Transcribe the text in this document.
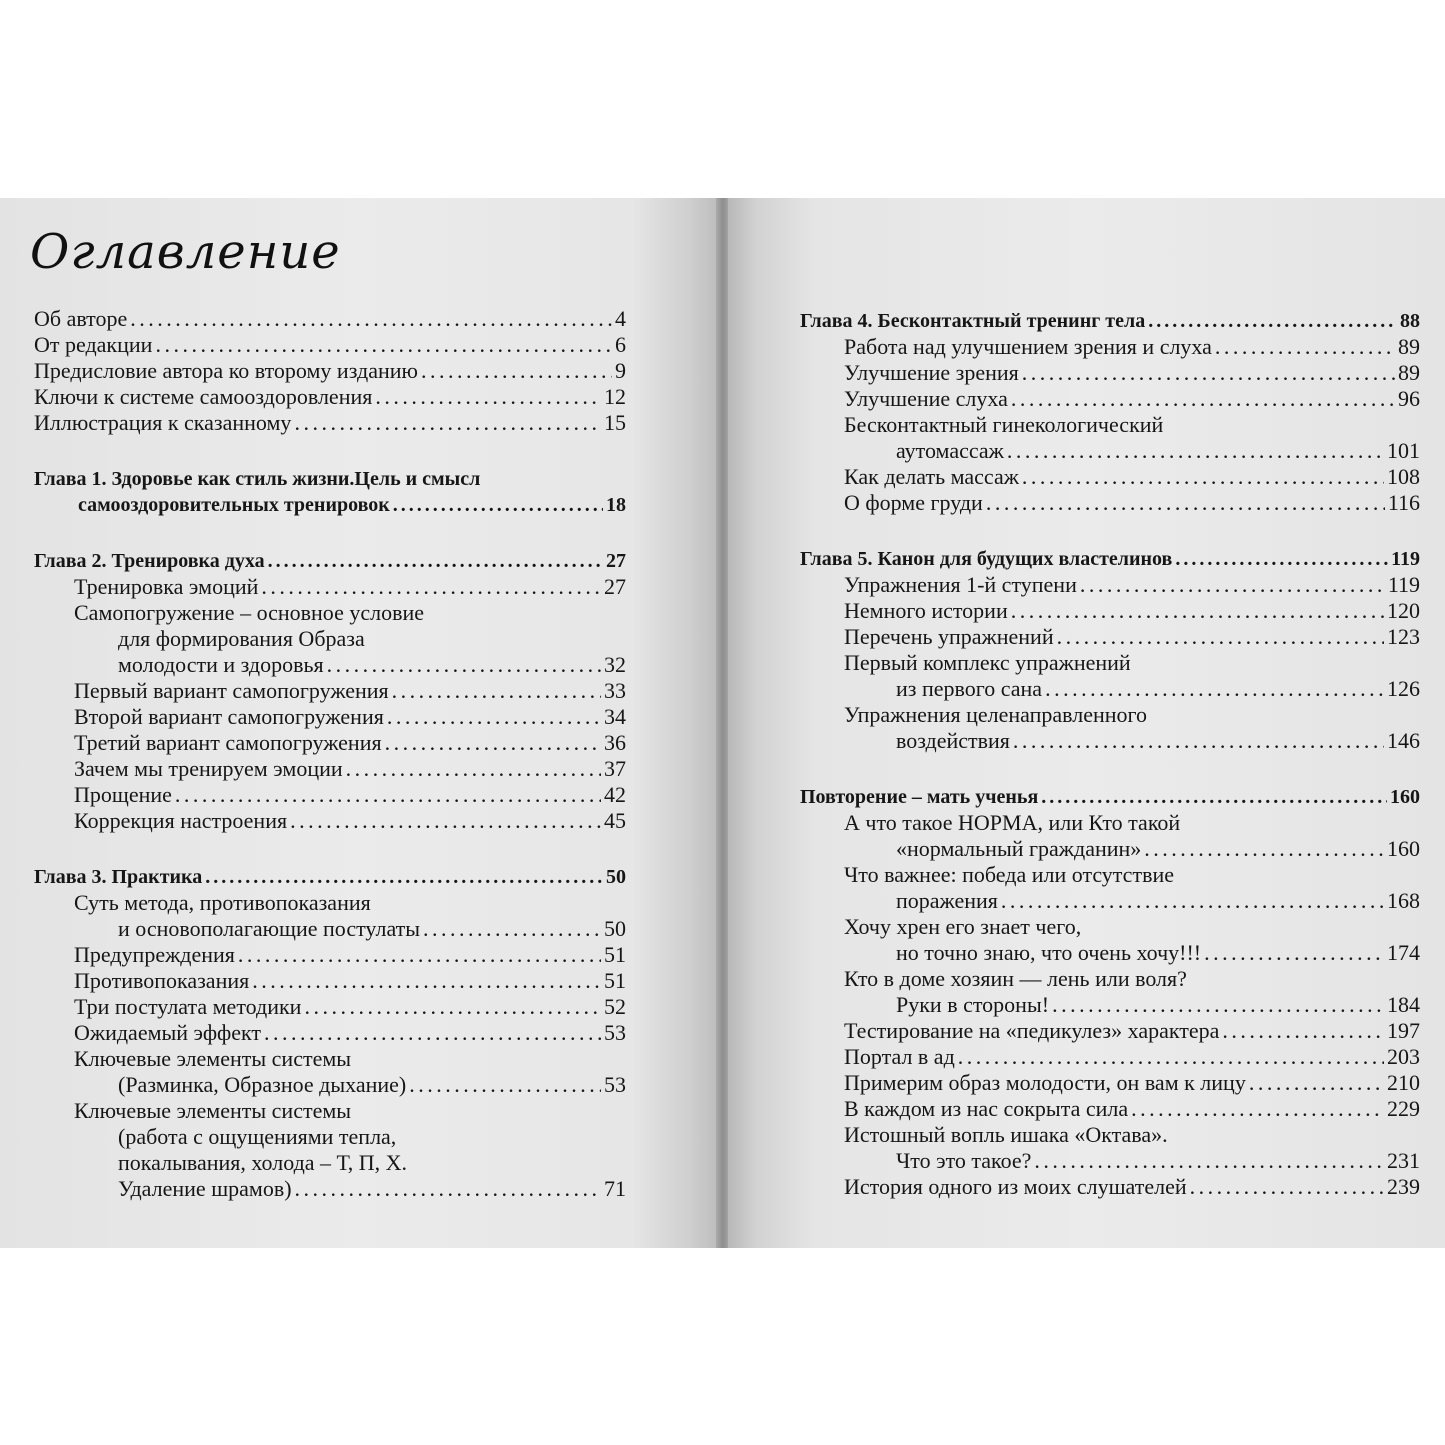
Оглавление
Об авторе . . .	4
От редакции . . .	6
Предисловие автора ко второму изданию . . .	9
Ключи к системе самооздоровления . . .	12
Иллюстрация к сказанному . . .	15
Глава 1. Здоровье как стиль жизни.Цель и смысл
самооздоровительных тренировок . . .	18
Глава 2. Тренировка духа . . .	27
Тренировка эмоций . . .	27
Самопогружение – основное условие
для формирования Образа
молодости и здоровья . . .	32
Первый вариант самопогружения . . .	33
Второй вариант самопогружения . . .	34
Третий вариант самопогружения . . .	36
Зачем мы тренируем эмоции . . .	37
Прощение . . .	42
Коррекция настроения . . .	45
Глава 3. Практика . . .	50
Суть метода, противопоказания
и основополагающие постулаты . . .	50
Предупреждения . . .	51
Противопоказания . . .	51
Три постулата методики . . .	52
Ожидаемый эффект . . .	53
Ключевые элементы системы
(Разминка, Образное дыхание) . . .	53
Ключевые элементы системы
(работа с ощущениями тепла,
покалывания, холода – Т, П, Х.
Удаление шрамов) . . .	71
Глава 4. Бесконтактный тренинг тела . . .	88
Работа над улучшением зрения и слуха . . .	89
Улучшение зрения . . .	89
Улучшение слуха . . .	96
Бесконтактный гинекологический
аутомассаж . . .	101
Как делать массаж . . .	108
О форме груди . . .	116
Глава 5. Канон для будущих властелинов . . .	119
Упражнения 1-й ступени . . .	119
Немного истории . . .	120
Перечень упражнений . . .	123
Первый комплекс упражнений
из первого сана . . .	126
Упражнения целенаправленного
воздействия . . .	146
Повторение – мать ученья . . .	160
А что такое НОРМА, или Кто такой
«нормальный гражданин» . . .	160
Что важнее: победа или отсутствие
поражения . . .	168
Хочу хрен его знает чего,
но точно знаю, что очень хочу!!! . . .	174
Кто в доме хозяин — лень или воля?
Руки в стороны! . . .	184
Тестирование на «педикулез» характера . . .	197
Портал в ад . . .	203
Примерим образ молодости, он вам к лицу . . .	210
В каждом из нас сокрыта сила . . .	229
Истошный вопль ишака «Октава».
Что это такое? . . .	231
История одного из моих слушателей . . .	239
